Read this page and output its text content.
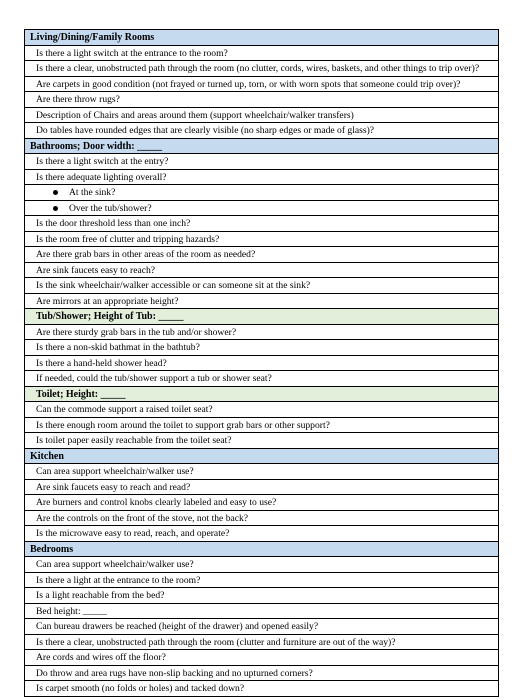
Living/Dining/Family Rooms
Is there a light switch at the entrance to the room?
Is there a clear, unobstructed path through the room (no clutter, cords, wires, baskets, and other things to trip over)?
Are carpets in good condition (not frayed or turned up, torn, or with worn spots that someone could trip over)?
Are there throw rugs?
Description of Chairs and areas around them (support wheelchair/walker transfers)
Do tables have rounded edges that are clearly visible (no sharp edges or made of glass)?
Bathrooms; Door width: _____
Is there a light switch at the entry?
Is there adequate lighting overall?
At the sink?
Over the tub/shower?
Is the door threshold less than one inch?
Is the room free of clutter and tripping hazards?
Are there grab bars in other areas of the room as needed?
Are sink faucets easy to reach?
Is the sink wheelchair/walker accessible or can someone sit at the sink?
Are mirrors at an appropriate height?
Tub/Shower; Height of Tub: _____
Are there sturdy grab bars in the tub and/or shower?
Is there a non-skid bathmat in the bathtub?
Is there a hand-held shower head?
If needed, could the tub/shower support a tub or shower seat?
Toilet; Height: _____
Can the commode support a raised toilet seat?
Is there enough room around the toilet to support grab bars or other support?
Is toilet paper easily reachable from the toilet seat?
Kitchen
Can area support wheelchair/walker use?
Are sink faucets easy to reach and read?
Are burners and control knobs clearly labeled and easy to use?
Are the controls on the front of the stove, not the back?
Is the microwave easy to read, reach, and operate?
Bedrooms
Can area support wheelchair/walker use?
Is there a light at the entrance to the room?
Is a light reachable from the bed?
Bed height: _____
Can bureau drawers be reached (height of the drawer) and opened easily?
Is there a clear, unobstructed path through the room (clutter and furniture are out of the way)?
Are cords and wires off the floor?
Do throw and area rugs have non-slip backing and no upturned corners?
Is carpet smooth (no folds or holes) and tacked down?
